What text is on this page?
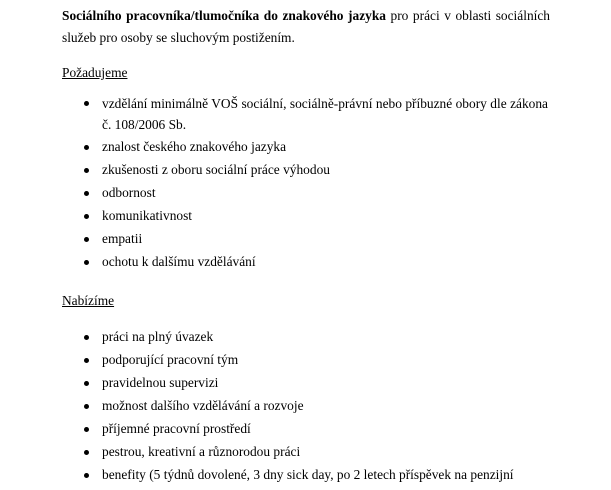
Sociálního pracovníka/tlumočníka do znakového jazyka pro práci v oblasti sociálních služeb pro osoby se sluchovým postižením.

Požadujeme

vzdělání minimálně VOŠ sociální, sociálně-právní nebo příbuzné obory dle zákona č. 108/2006 Sb.
znalost českého znakového jazyka
zkušenosti z oboru sociální práce výhodou
odbornost
komunikativnost
empatii
ochotu k dalšímu vzdělávání

Nabízíme

práci na plný úvazek
podporující pracovní tým
pravidelnou supervizi
možnost dalšího vzdělávání a rozvoje
příjemné pracovní prostředí
pestrou, kreativní a různorodou práci
benefity (5 týdnů dovolené, 3 dny sick day, po 2 letech příspěvek na penzijní
